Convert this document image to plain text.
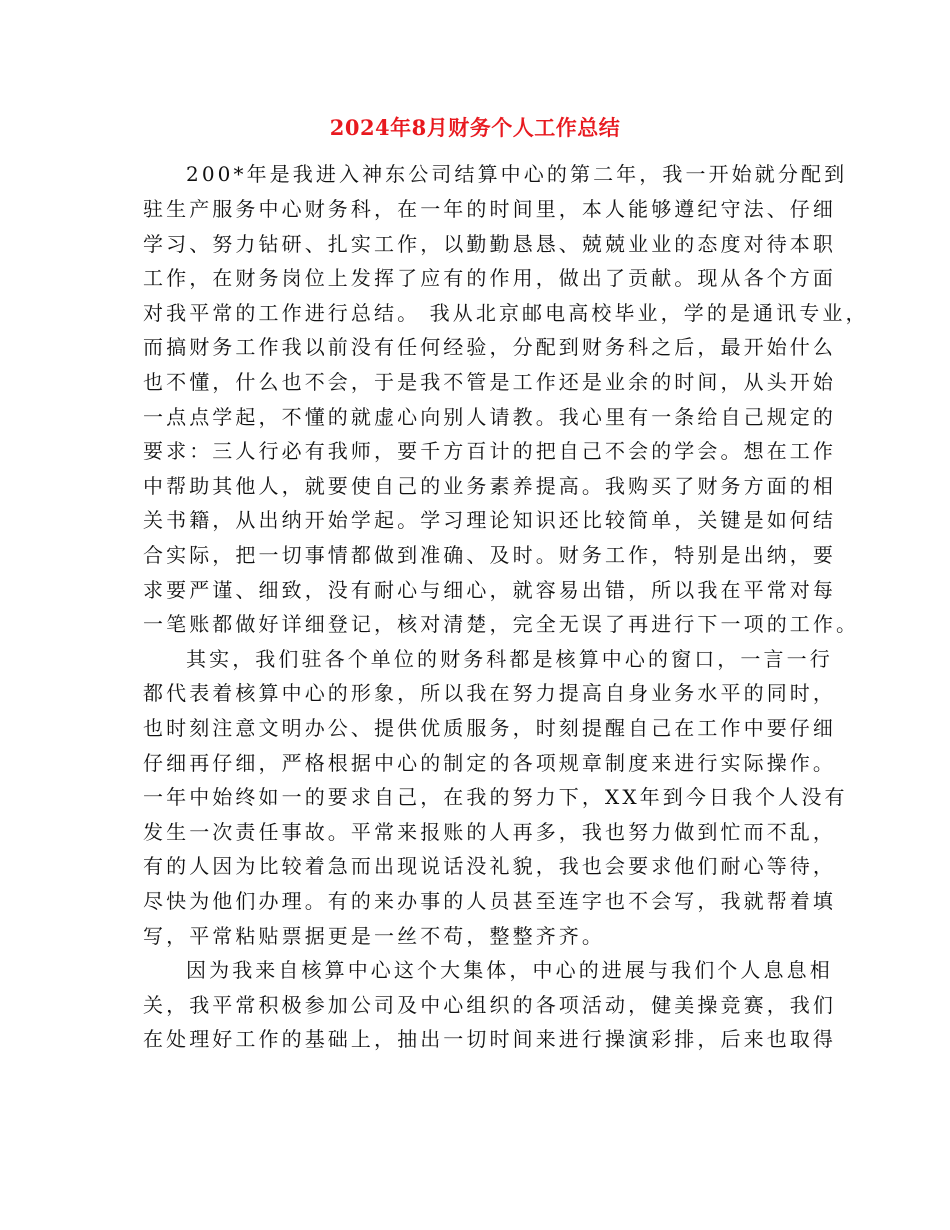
2024年8月财务个人工作总结
200*年是我进入神东公司结算中心的第二年，我一开始就分配到
驻生产服务中心财务科，在一年的时间里，本人能够遵纪守法、仔细
学习、努力钻研、扎实工作，以勤勤恳恳、兢兢业业的态度对待本职
工作，在财务岗位上发挥了应有的作用，做出了贡献。现从各个方面
对我平常的工作进行总结。 我从北京邮电高校毕业，学的是通讯专业，
而搞财务工作我以前没有任何经验，分配到财务科之后，最开始什么
也不懂，什么也不会，于是我不管是工作还是业余的时间，从头开始
一点点学起，不懂的就虚心向别人请教。我心里有一条给自己规定的
要求：三人行必有我师，要千方百计的把自己不会的学会。想在工作
中帮助其他人，就要使自己的业务素养提高。我购买了财务方面的相
关书籍，从出纳开始学起。学习理论知识还比较简单，关键是如何结
合实际，把一切事情都做到准确、及时。财务工作，特别是出纳，要
求要严谨、细致，没有耐心与细心，就容易出错，所以我在平常对每
一笔账都做好详细登记，核对清楚，完全无误了再进行下一项的工作。
其实，我们驻各个单位的财务科都是核算中心的窗口，一言一行
都代表着核算中心的形象，所以我在努力提高自身业务水平的同时，
也时刻注意文明办公、提供优质服务，时刻提醒自己在工作中要仔细
仔细再仔细，严格根据中心的制定的各项规章制度来进行实际操作。
一年中始终如一的要求自己，在我的努力下，XX年到今日我个人没有
发生一次责任事故。平常来报账的人再多，我也努力做到忙而不乱，
有的人因为比较着急而出现说话没礼貌，我也会要求他们耐心等待，
尽快为他们办理。有的来办事的人员甚至连字也不会写，我就帮着填
写，平常粘贴票据更是一丝不苟，整整齐齐。
因为我来自核算中心这个大集体，中心的进展与我们个人息息相
关，我平常积极参加公司及中心组织的各项活动，健美操竞赛，我们
在处理好工作的基础上，抽出一切时间来进行操演彩排，后来也取得
